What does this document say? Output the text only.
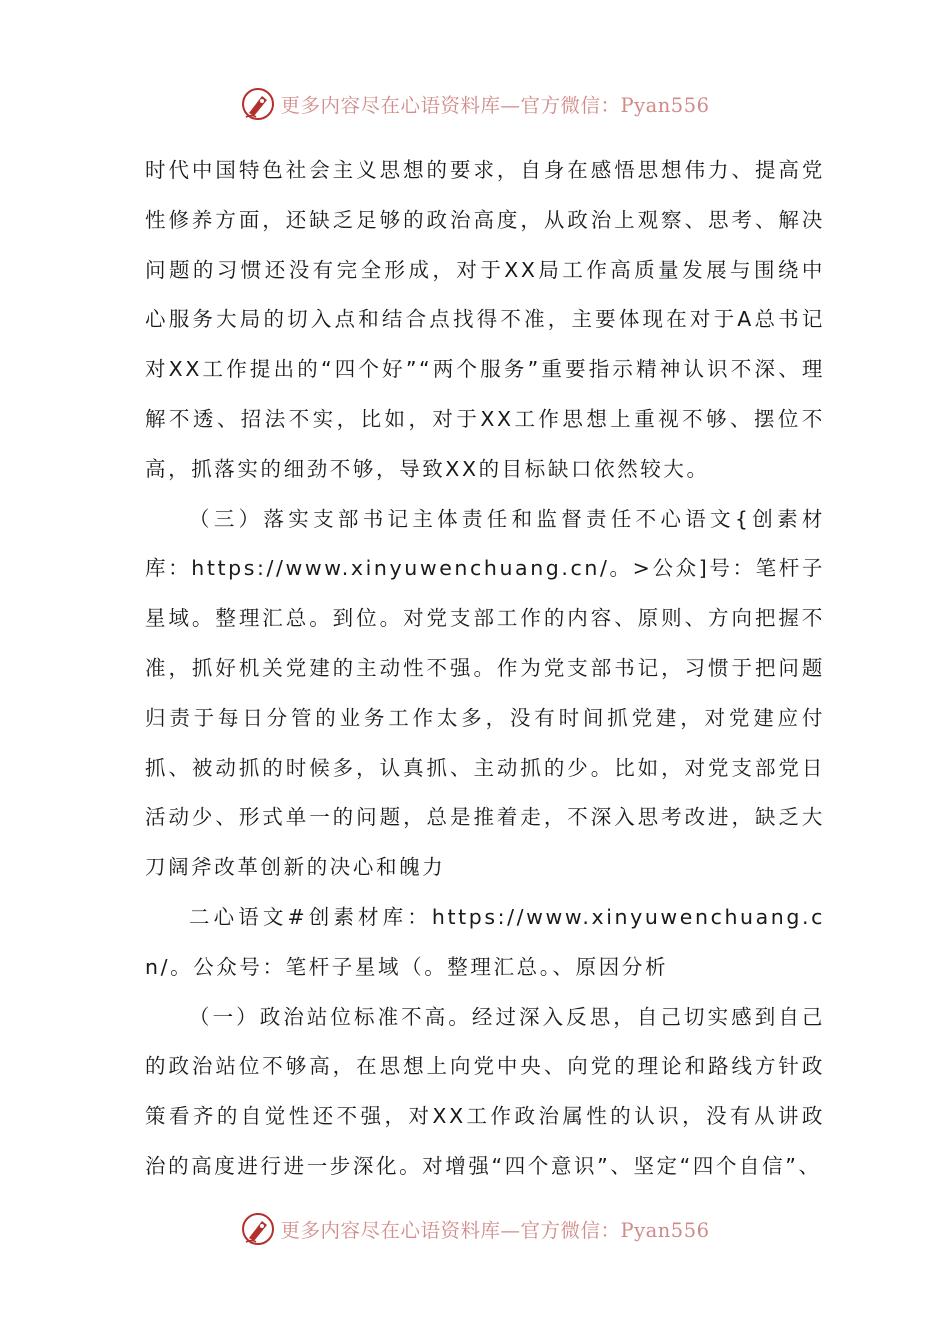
更多内容尽在心语资料库—官方微信：Pyan556

时代中国特色社会主义思想的要求，自身在感悟思想伟力、提高党性修养方面，还缺乏足够的政治高度，从政治上观察、思考、解决问题的习惯还没有完全形成，对于XX局工作高质量发展与围绕中心服务大局的切入点和结合点找得不准，主要体现在对于A总书记对XX工作提出的“四个好”“两个服务”重要指示精神认识不深、理解不透、招法不实，比如，对于XX工作思想上重视不够、摆位不高，抓落实的细劲不够，导致XX的目标缺口依然较大。

（三）落实支部书记主体责任和监督责任不心语文{创素材库：https://www.xinyuwenchuang.cn/。>公众]号：笔杆子星域。整理汇总。到位。对党支部工作的内容、原则、方向把握不准，抓好机关党建的主动性不强。作为党支部书记，习惯于把问题归责于每日分管的业务工作太多，没有时间抓党建，对党建应付抓、被动抓的时候多，认真抓、主动抓的少。比如，对党支部党日活动少、形式单一的问题，总是推着走，不深入思考改进，缺乏大刀阔斧改革创新的决心和魄力

二心语文#创素材库：https://www.xinyuwenchuang.cn/。公众号：笔杆子星域（。整理汇总。、原因分析

（一）政治站位标准不高。经过深入反思，自己切实感到自己的政治站位不够高，在思想上向党中央、向党的理论和路线方针政策看齐的自觉性还不强，对XX工作政治属性的认识，没有从讲政治的高度进行进一步深化。对增强“四个意识”、坚定“四个自信”、

更多内容尽在心语资料库—官方微信：Pyan556
